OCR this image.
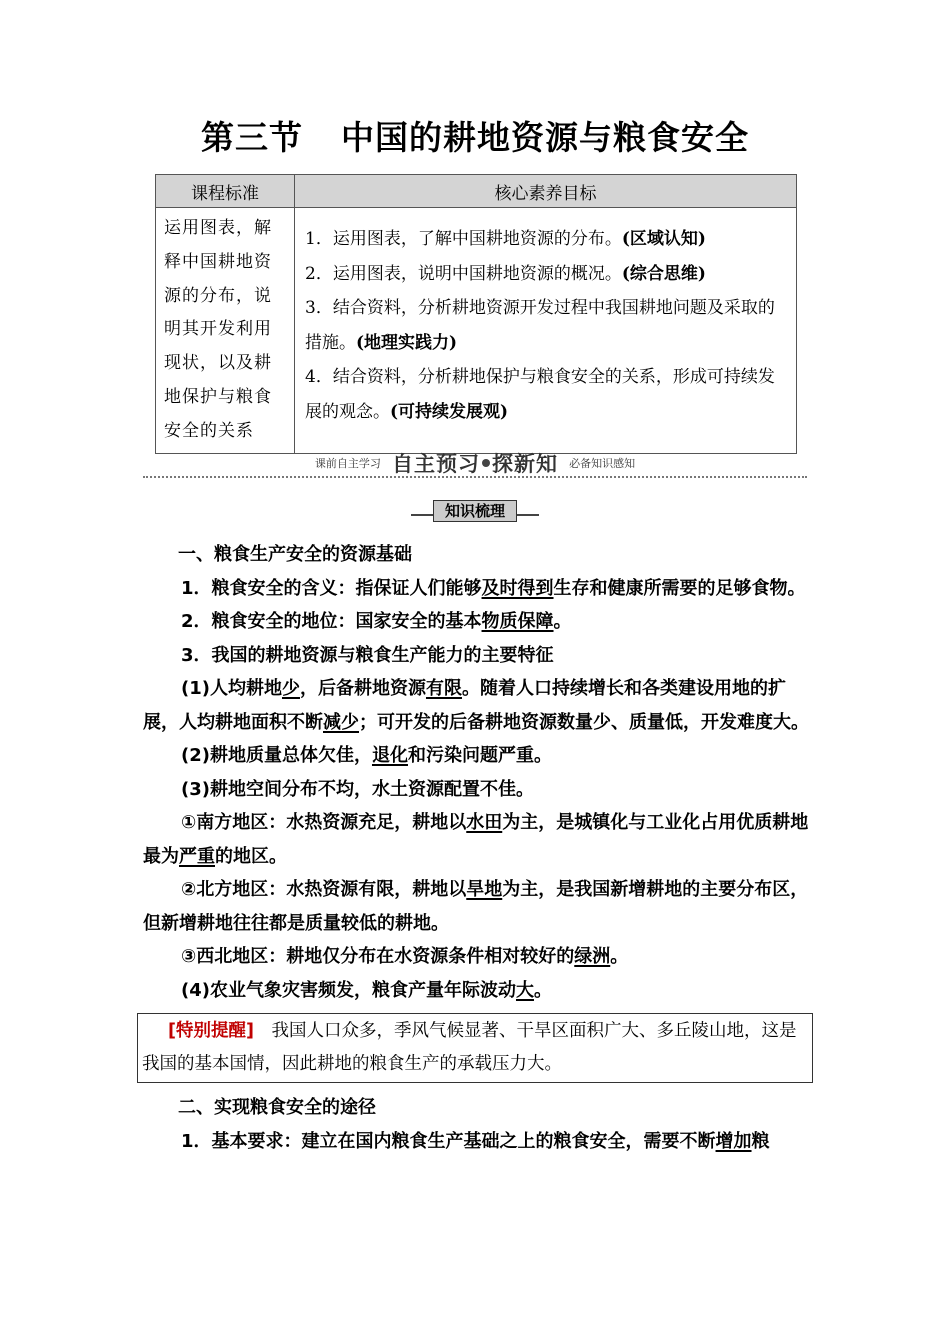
第三节 中国的耕地资源与粮食安全
课程标准	核心素养目标
运用图表，解释中国耕地资源的分布，说明其开发利用现状，以及耕地保护与粮食安全的关系	1．运用图表，了解中国耕地资源的分布。(区域认知)
2．运用图表，说明中国耕地资源的概况。(综合思维)
3．结合资料，分析耕地资源开发过程中我国耕地问题及采取的措施。(地理实践力)
4．结合资料，分析耕地保护与粮食安全的关系，形成可持续发展的观念。(可持续发展观)
课前自主学习 自主预习 探新知 必备知识感知
知识梳理

一、粮食生产安全的资源基础

1．粮食安全的含义：指保证人们能够及时得到生存和健康所需要的足够食物。

2．粮食安全的地位：国家安全的基本物质保障。

3．我国的耕地资源与粮食生产能力的主要特征

(1)人均耕地少，后备耕地资源有限。随着人口持续增长和各类建设用地的扩展，人均耕地面积不断减少；可开发的后备耕地资源数量少、质量低，开发难度大。

(2)耕地质量总体欠佳，退化和污染问题严重。

(3)耕地空间分布不均，水土资源配置不佳。

①南方地区：水热资源充足，耕地以水田为主，是城镇化与工业化占用优质耕地最为严重的地区。

②北方地区：水热资源有限，耕地以旱地为主，是我国新增耕地的主要分布区，但新增耕地往往都是质量较低的耕地。

③西北地区：耕地仅分布在水资源条件相对较好的绿洲。

(4)农业气象灾害频发，粮食产量年际波动大。

[特别提醒]　我国人口众多，季风气候显著、干旱区面积广大、多丘陵山地，这是我国的基本国情，因此耕地的粮食生产的承载压力大。

二、实现粮食安全的途径

1．基本要求：建立在国内粮食生产基础之上的粮食安全，需要不断增加粮
